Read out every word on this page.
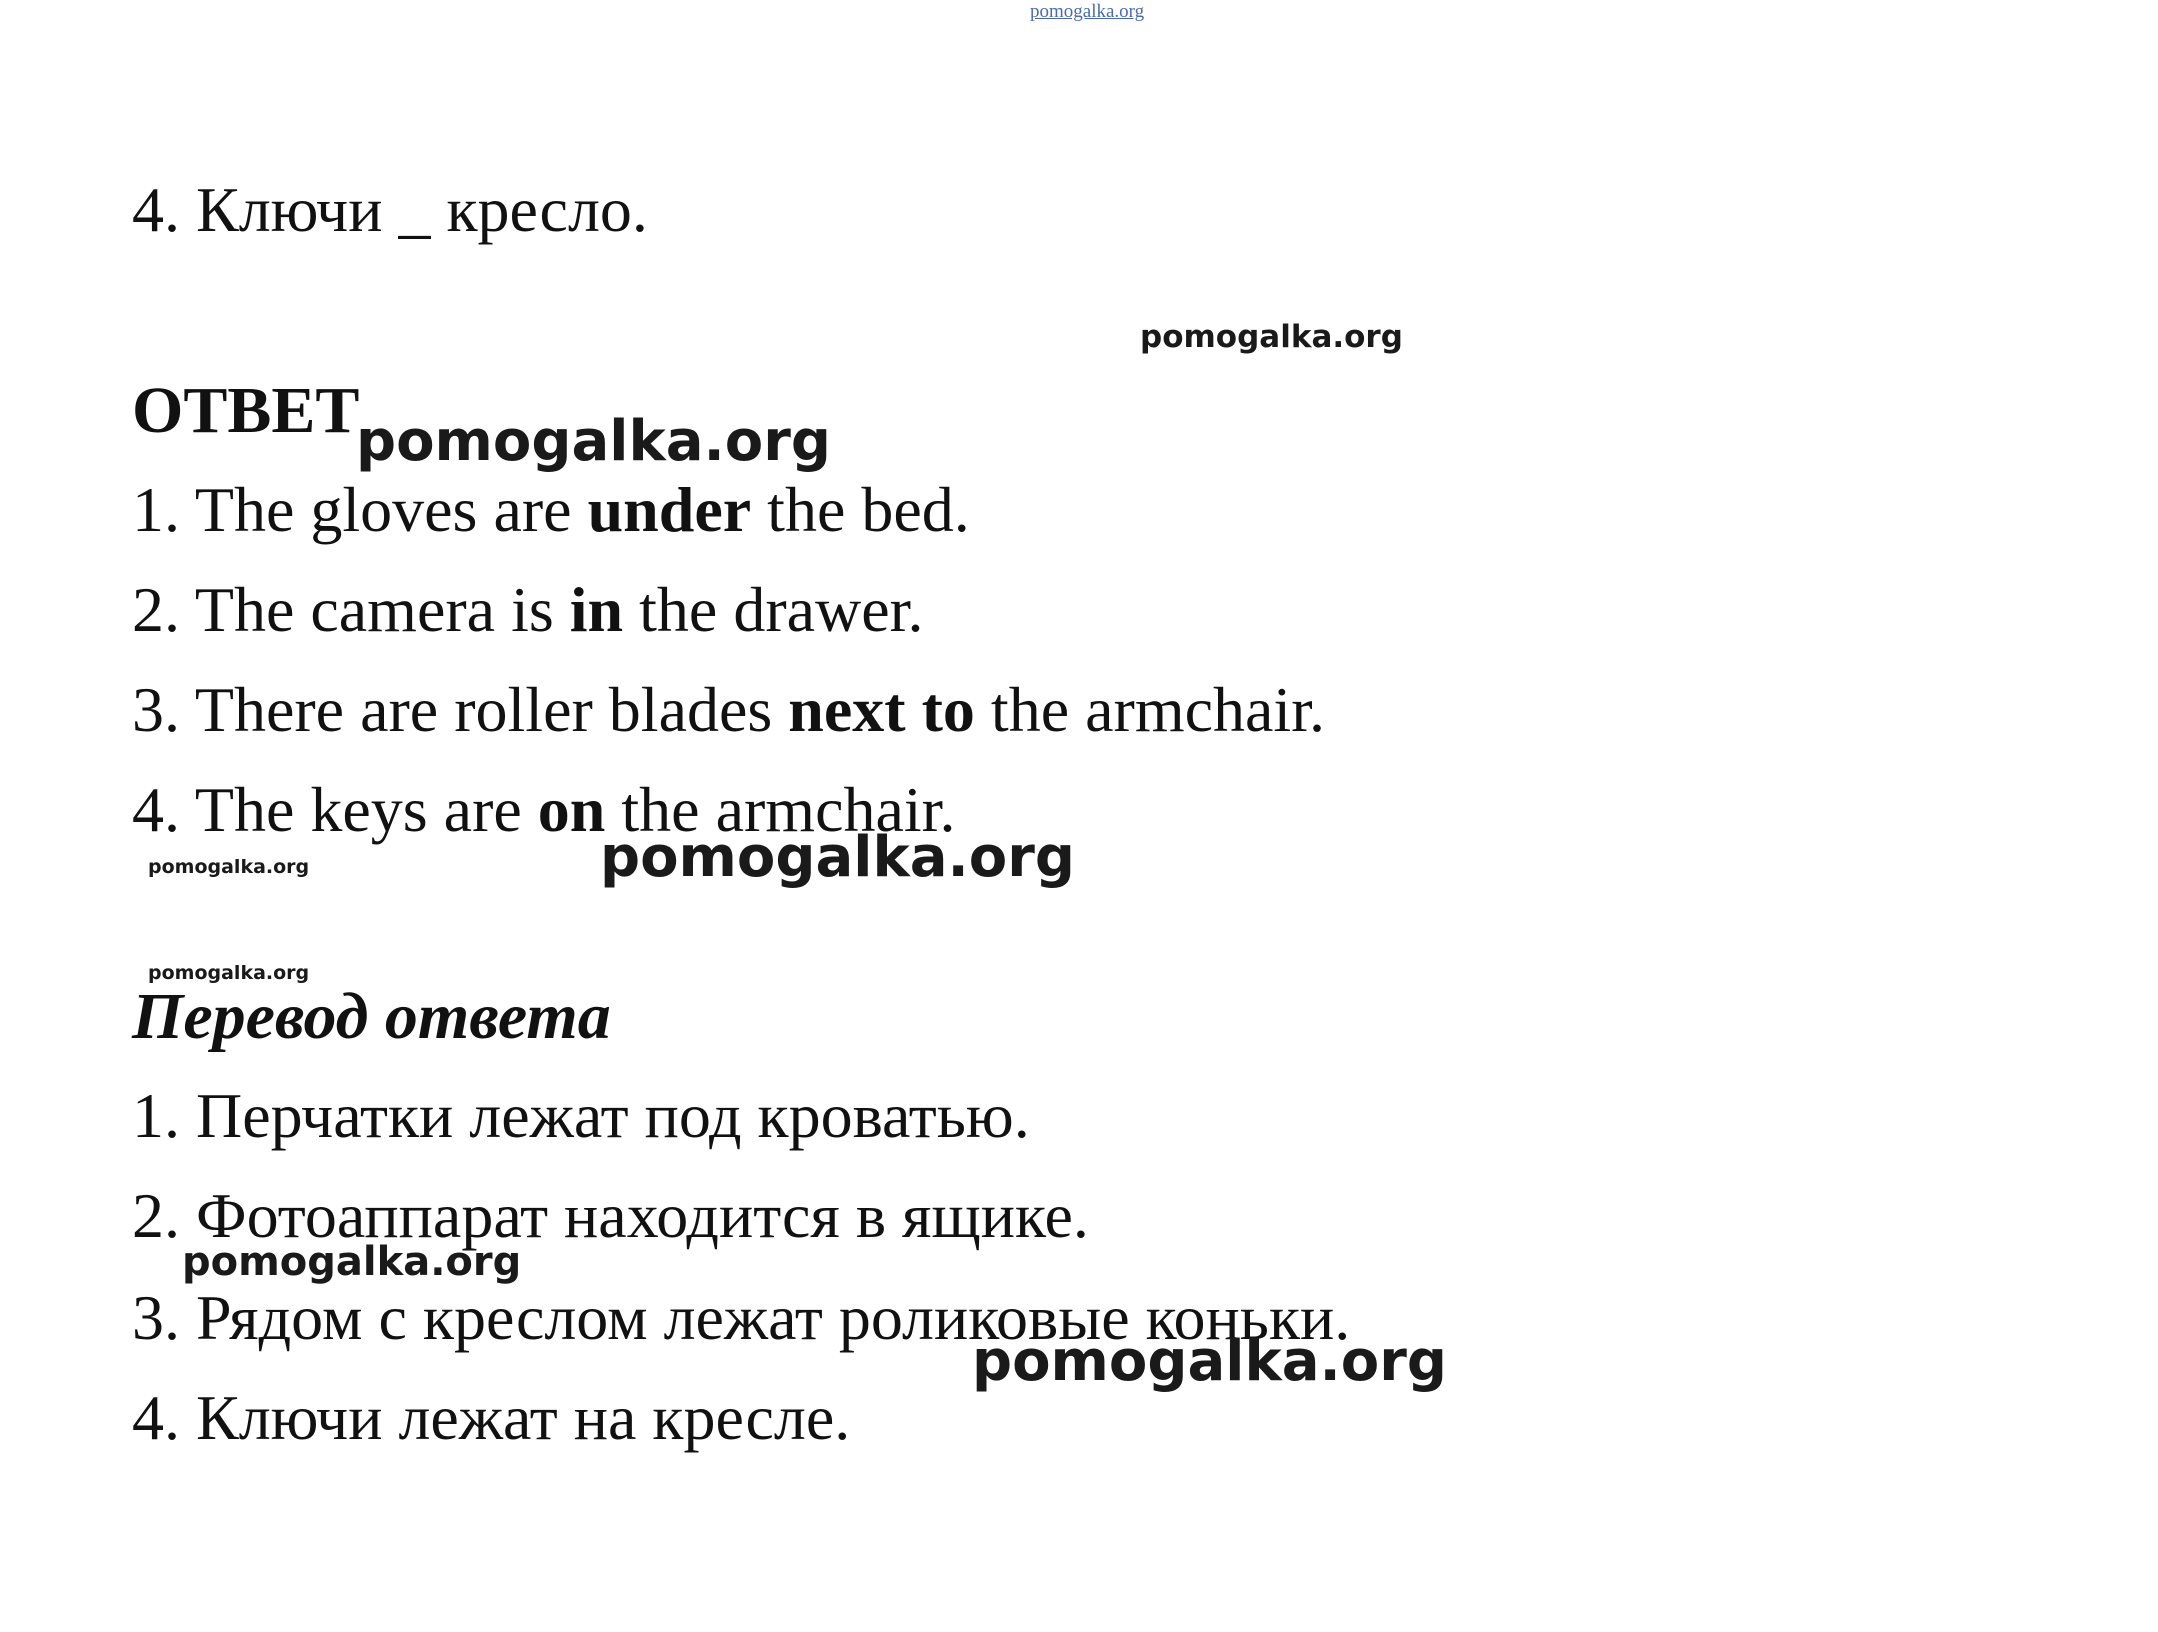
pomogalka.org
4. Ключи _ кресло.
pomogalka.org
ОТВЕТ
pomogalka.org
1. The gloves are under the bed.
2. The camera is in the drawer.
3. There are roller blades next to the armchair.
4. The keys are on the armchair.
pomogalka.org
pomogalka.org
pomogalka.org
Перевод ответа
1. Перчатки лежат под кроватью.
2. Фотоаппарат находится в ящике.
pomogalka.org
3. Рядом с креслом лежат роликовые коньки.
pomogalka.org
4. Ключи лежат на кресле.
